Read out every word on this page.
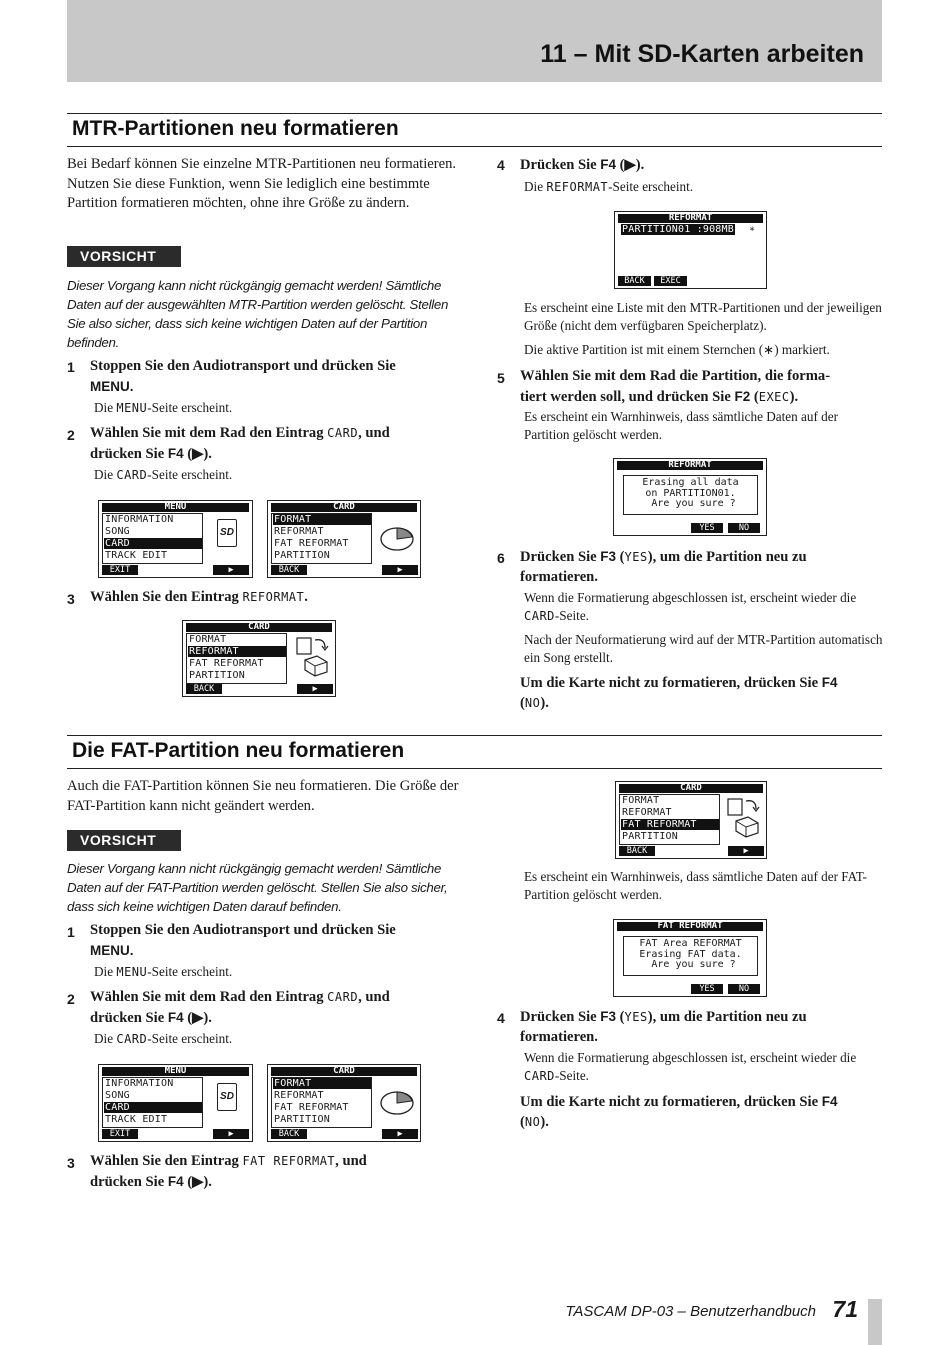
11 – Mit SD-Karten arbeiten
MTR-Partitionen neu formatieren
Bei Bedarf können Sie einzelne MTR-Partitionen neu formatieren. Nutzen Sie diese Funktion, wenn Sie lediglich eine bestimmte Partition formatieren möchten, ohne ihre Größe zu ändern.
VORSICHT
Dieser Vorgang kann nicht rückgängig gemacht werden! Sämtliche Daten auf der ausgewählten MTR-Partition werden gelöscht. Stellen Sie also sicher, dass sich keine wichtigen Daten auf der Partition befinden.
1 Stoppen Sie den Audiotransport und drücken Sie
MENU.
Die MENU-Seite erscheint.
2 Wählen Sie mit dem Rad den Eintrag CARD, und
drücken Sie F4 (▶).
Die CARD-Seite erscheint.
MENU
INFORMATION
SONG
CARD
TRACK EDIT
SD
EXIT	▶
CARD
FORMAT
REFORMAT
FAT REFORMAT
PARTITION
BACK	▶
3 Wählen Sie den Eintrag REFORMAT.
CARD
FORMAT
REFORMAT
FAT REFORMAT
PARTITION
BACK	▶
4 Drücken Sie F4 (▶).
Die REFORMAT-Seite erscheint.
REFORMAT
PARTITION01 :908MB ∗
BACK	EXEC
Es erscheint eine Liste mit den MTR-Partitionen und der jeweiligen Größe (nicht dem verfügbaren Speicherplatz).
Die aktive Partition ist mit einem Sternchen (∗) markiert.
5 Wählen Sie mit dem Rad die Partition, die forma-
tiert werden soll, und drücken Sie F2 (EXEC).
Es erscheint ein Warnhinweis, dass sämtliche Daten auf der Partition gelöscht werden.
REFORMAT
Erasing all data
on PARTITION01.
Are you sure ?
YES	NO
6 Drücken Sie F3 (YES), um die Partition neu zu
formatieren.
Wenn die Formatierung abgeschlossen ist, erscheint wieder die CARD-Seite.
Nach der Neuformatierung wird auf der MTR-Partition automatisch ein Song erstellt.
Um die Karte nicht zu formatieren, drücken Sie F4
(NO).
Die FAT-Partition neu formatieren
Auch die FAT-Partition können Sie neu formatieren. Die Größe der FAT-Partition kann nicht geändert werden.
VORSICHT
Dieser Vorgang kann nicht rückgängig gemacht werden! Sämtliche Daten auf der FAT-Partition werden gelöscht. Stellen Sie also sicher, dass sich keine wichtigen Daten darauf befinden.
1 Stoppen Sie den Audiotransport und drücken Sie
MENU.
Die MENU-Seite erscheint.
2 Wählen Sie mit dem Rad den Eintrag CARD, und
drücken Sie F4 (▶).
Die CARD-Seite erscheint.
MENU
INFORMATION
SONG
CARD
TRACK EDIT
SD
EXIT	▶
CARD
FORMAT
REFORMAT
FAT REFORMAT
PARTITION
BACK	▶
3 Wählen Sie den Eintrag FAT REFORMAT, und
drücken Sie F4 (▶).
CARD
FORMAT
REFORMAT
FAT REFORMAT
PARTITION
BACK	▶
Es erscheint ein Warnhinweis, dass sämtliche Daten auf der FAT-Partition gelöscht werden.
FAT REFORMAT
FAT Area REFORMAT
Erasing FAT data.
Are you sure ?
YES	NO
4 Drücken Sie F3 (YES), um die Partition neu zu
formatieren.
Wenn die Formatierung abgeschlossen ist, erscheint wieder die CARD-Seite.
Um die Karte nicht zu formatieren, drücken Sie F4
(NO).
TASCAM DP-03 – Benutzerhandbuch 71
